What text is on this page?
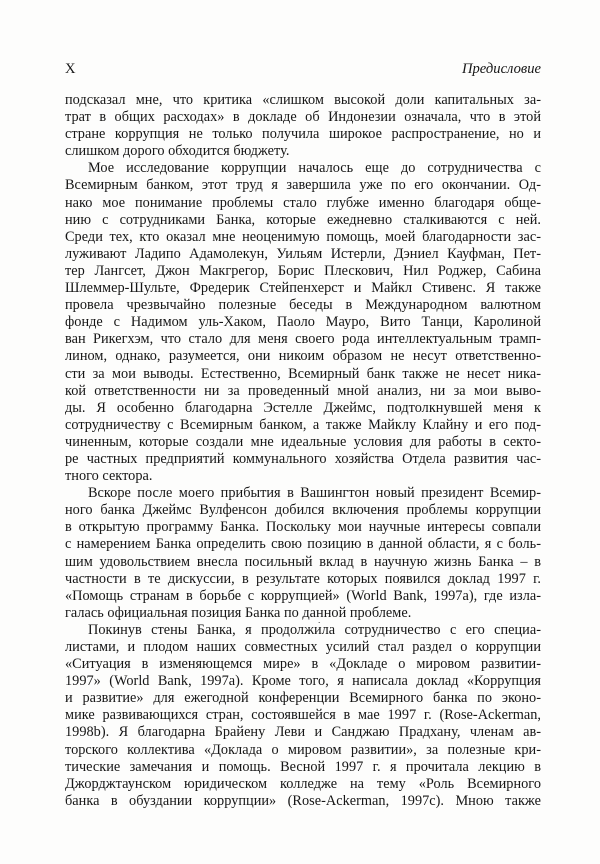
X	Предисловие
подсказал мне, что критика «слишком высокой доли капитальных за-
трат в общих расходах» в докладе об Индонезии означала, что в этой
стране коррупция не только получила широкое распространение, но и
слишком дорого обходится бюджету.
Мое исследование коррупции началось еще до сотрудничества с
Всемирным банком, этот труд я завершила уже по его окончании. Од-
нако мое понимание проблемы стало глубже именно благодаря обще-
нию с сотрудниками Банка, которые ежедневно сталкиваются с ней.
Среди тех, кто оказал мне неоценимую помощь, моей благодарности зас-
луживают Ладипо Адамолекун, Уильям Истерли, Дэниел Кауфман, Пет-
тер Лангсет, Джон Макгрегор, Борис Плескович, Нил Роджер, Сабина
Шлеммер-Шульте, Фредерик Стейпенхерст и Майкл Стивенс. Я также
провела чрезвычайно полезные беседы в Международном валютном
фонде с Надимом уль-Хаком, Паоло Мауро, Вито Танци, Каролиной
ван Рикегхэм, что стало для меня своего рода интеллектуальным трамп-
лином, однако, разумеется, они никоим образом не несут ответственно-
сти за мои выводы. Естественно, Всемирный банк также не несет ника-
кой ответственности ни за проведенный мной анализ, ни за мои выво-
ды. Я особенно благодарна Эстелле Джеймс, подтолкнувшей меня к
сотрудничеству с Всемирным банком, а также Майклу Клайну и его под-
чиненным, которые создали мне идеальные условия для работы в секто-
ре частных предприятий коммунального хозяйства Отдела развития час-
тного сектора.
Вскоре после моего прибытия в Вашингтон новый президент Всемир-
ного банка Джеймс Вулфенсон добился включения проблемы коррупции
в открытую программу Банка. Поскольку мои научные интересы совпали
с намерением Банка определить свою позицию в данной области, я с боль-
шим удовольствием внесла посильный вклад в научную жизнь Банка – в
частности в те дискуссии, в результате которых появился доклад 1997 г.
«Помощь странам в борьбе с коррупцией» (World Bank, 1997a), где изла-
галась официальная позиция Банка по данной проблеме.
Покинув стены Банка, я продолжи́ла сотрудничество с его специа-
листами, и плодом наших совместных усилий стал раздел о коррупции
«Ситуация в изменяющемся мире» в «Докладе о мировом развитии-
1997» (World Bank, 1997a). Кроме того, я написала доклад «Коррупция
и развитие» для ежегодной конференции Всемирного банка по эконо-
мике развивающихся стран, состоявшейся в мае 1997 г. (Rose-Ackerman,
1998b). Я благодарна Брайену Леви и Санджаю Прадхану, членам ав-
торского коллектива «Доклада о мировом развитии», за полезные кри-
тические замечания и помощь. Весной 1997 г. я прочитала лекцию в
Джорджтаунском юридическом колледже на тему «Роль Всемирного
банка в обуздании коррупции» (Rose-Ackerman, 1997c). Мною также
